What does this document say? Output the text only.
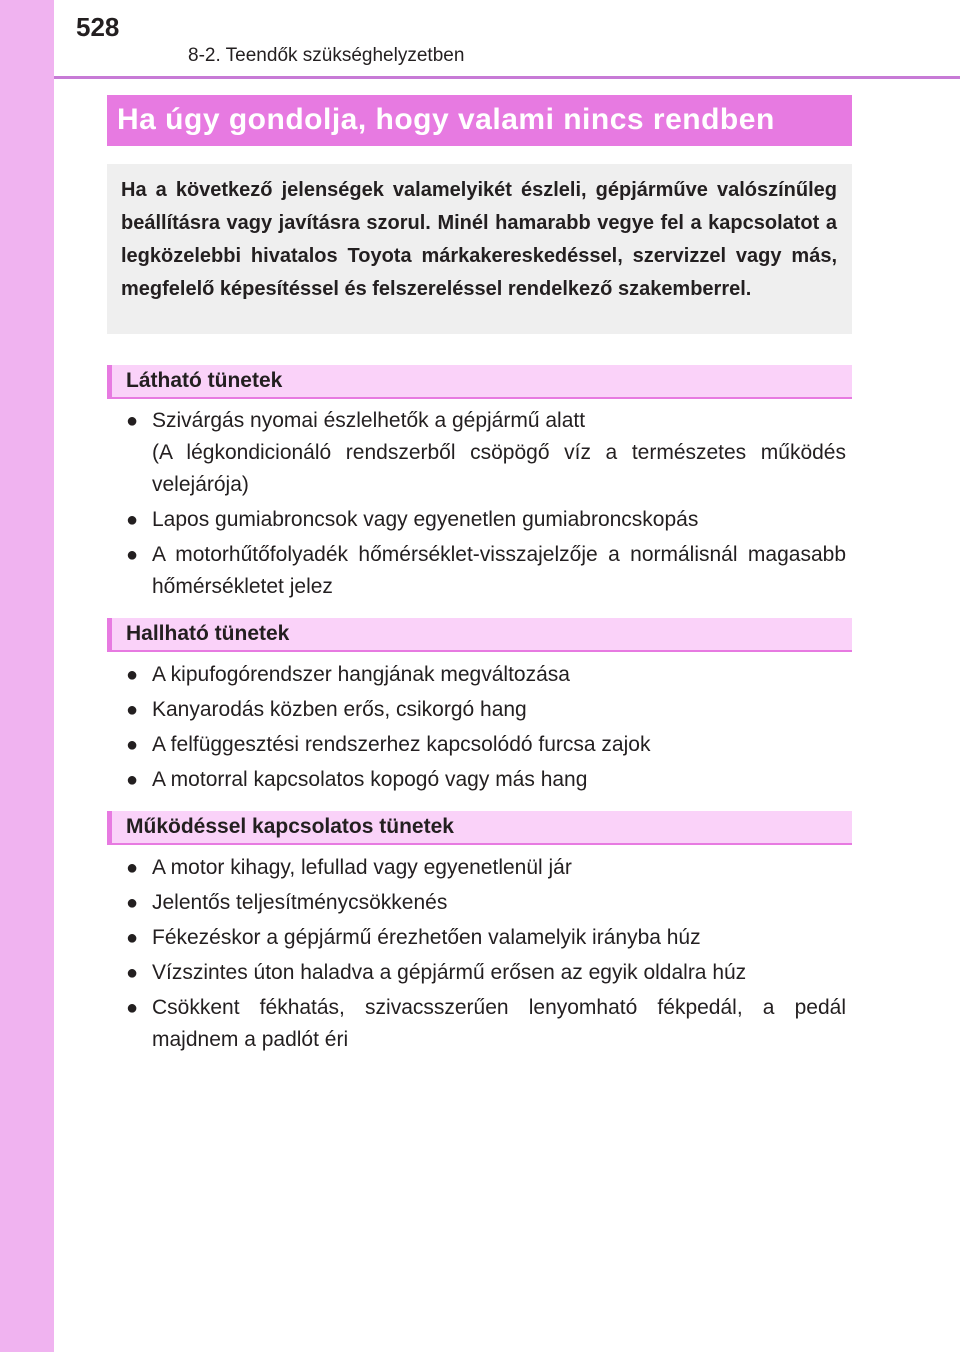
528
8-2. Teendők szükséghelyzetben
Ha úgy gondolja, hogy valami nincs rendben
Ha a következő jelenségek valamelyikét észleli, gépjárműve valószínűleg beállításra vagy javításra szorul. Minél hamarabb vegye fel a kapcsolatot a legközelebbi hivatalos Toyota márkakereskedéssel, szervizzel vagy más, megfelelő képesítéssel és felszereléssel rendelkező szakemberrel.
Látható tünetek
● Szivárgás nyomai észlelhetők a gépjármű alatt
(A légkondicionáló rendszerből csöpögő víz a természetes működés velejárója)
● Lapos gumiabroncsok vagy egyenetlen gumiabroncskopás
● A motorhűtőfolyadék hőmérséklet-visszajelzője a normálisnál magasabb hőmérsékletet jelez
Hallható tünetek
● A kipufogórendszer hangjának megváltozása
● Kanyarodás közben erős, csikorgó hang
● A felfüggesztési rendszerhez kapcsolódó furcsa zajok
● A motorral kapcsolatos kopogó vagy más hang
Működéssel kapcsolatos tünetek
● A motor kihagy, lefullad vagy egyenetlenül jár
● Jelentős teljesítménycsökkenés
● Fékezéskor a gépjármű érezhetően valamelyik irányba húz
● Vízszintes úton haladva a gépjármű erősen az egyik oldalra húz
● Csökkent fékhatás, szivacsszerűen lenyomható fékpedál, a pedál majdnem a padlót éri
